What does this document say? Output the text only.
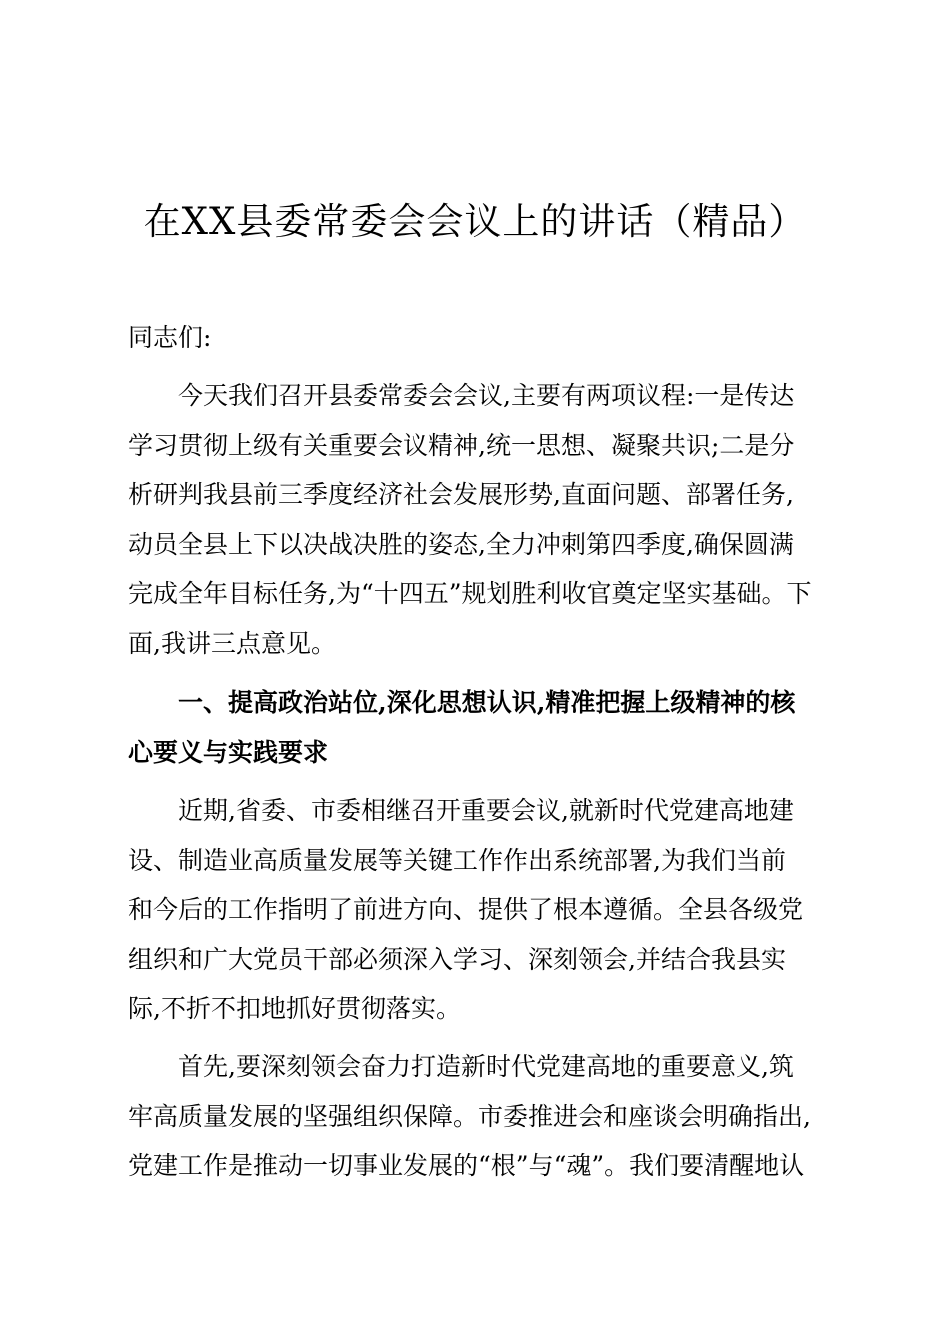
在XX县委常委会会议上的讲话（精品）

同志们:

今天我们召开县委常委会会议,主要有两项议程:一是传达
学习贯彻上级有关重要会议精神,统一思想、凝聚共识;二是分
析研判我县前三季度经济社会发展形势,直面问题、部署任务,
动员全县上下以决战决胜的姿态,全力冲刺第四季度,确保圆满
完成全年目标任务,为“十四五”规划胜利收官奠定坚实基础。下
面,我讲三点意见。
一、提高政治站位,深化思想认识,精准把握上级精神的核
心要义与实践要求
近期,省委、市委相继召开重要会议,就新时代党建高地建
设、制造业高质量发展等关键工作作出系统部署,为我们当前
和今后的工作指明了前进方向、提供了根本遵循。全县各级党
组织和广大党员干部必须深入学习、深刻领会,并结合我县实
际,不折不扣地抓好贯彻落实。
首先,要深刻领会奋力打造新时代党建高地的重要意义,筑
牢高质量发展的坚强组织保障。市委推进会和座谈会明确指出,
党建工作是推动一切事业发展的“根”与“魂”。我们要清醒地认
